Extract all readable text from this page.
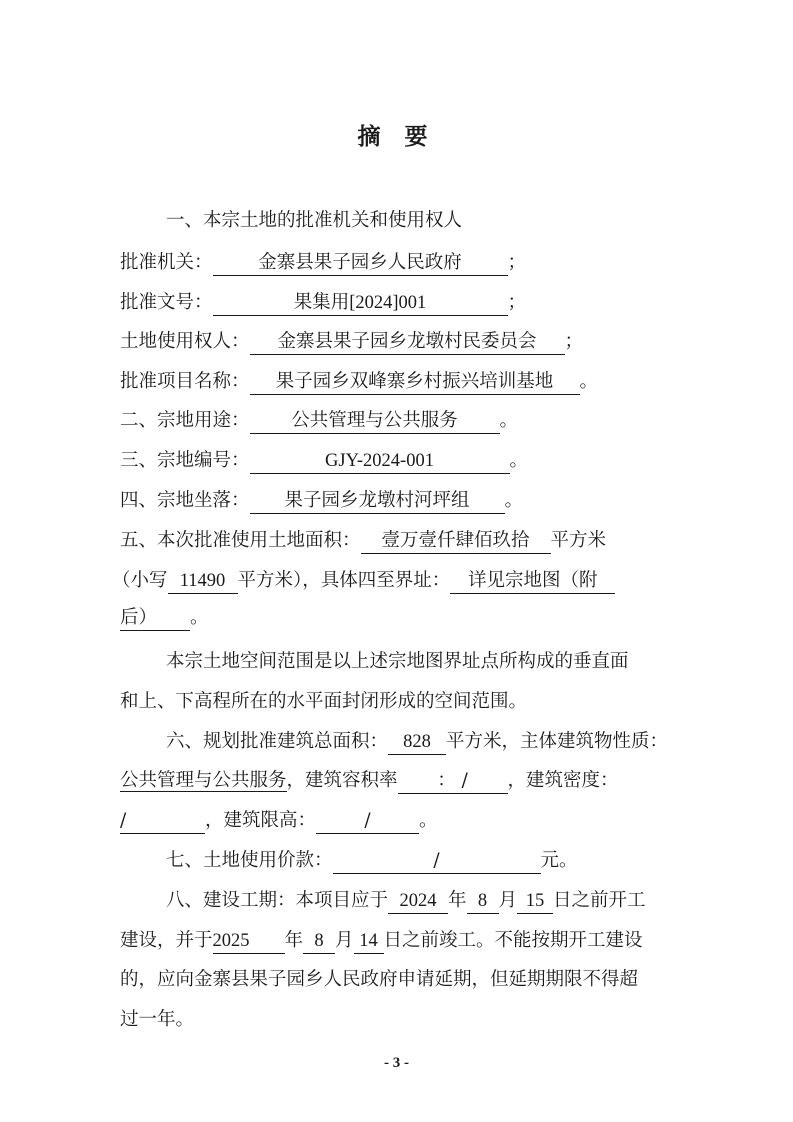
摘 要
一、本宗土地的批准机关和使用权人
批准机关： 金寨县果子园乡人民政府 ；
批准文号：	果集用[2024]001	；
土地使用权人： 金寨县果子园乡龙墩村民委员会 ；
批准项目名称： 果子园乡双峰寨乡村振兴培训基地 。
二、宗地用途： 公共管理与公共服务 。
三、宗地编号：	GJY-2024-001	。
四、宗地坐落： 果子园乡龙墩村河坪组 。
五、本次批准使用土地面积： 壹万壹仟肆佰玖拾 平方米
（小写 11490 平方米），具体四至界址： 详见宗地图（附
后） 。
本宗土地空间范围是以上述宗地图界址点所构成的垂直面
和上、下高程所在的水平面封闭形成的空间范围。
六、规划批准建筑总面积： 828 平方米，主体建筑物性质：
公共管理与公共服务，建筑容积率 ： / ，建筑密度：
/	，建筑限高：	/	。
七、土地使用价款：	/	元。
八、建设工期：本项目应于 2024 年 8 月 15 日之前开工
建设，并于2025 年 8 月 14 日之前竣工。不能按期开工建设
的，应向金寨县果子园乡人民政府申请延期，但延期期限不得超
过一年。
- 3 -
